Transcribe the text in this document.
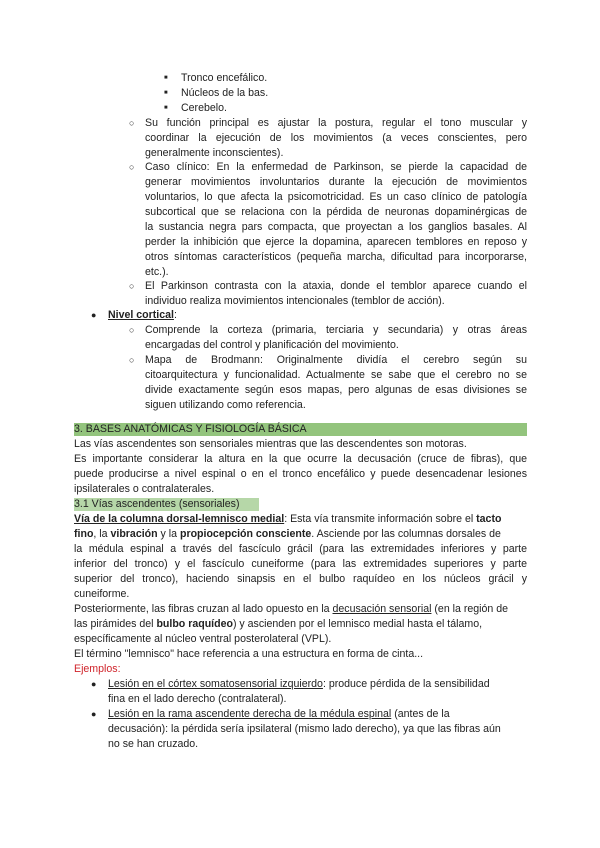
■ Tronco encefálico.
■ Núcleos de la bas.
■ Cerebelo.
○ Su función principal es ajustar la postura, regular el tono muscular y
coordinar la ejecución de los movimientos (a veces conscientes, pero
generalmente inconscientes).
○ Caso clínico: En la enfermedad de Parkinson, se pierde la capacidad de
generar movimientos involuntarios durante la ejecución de movimientos
voluntarios, lo que afecta la psicomotricidad. Es un caso clínico de patología
subcortical que se relaciona con la pérdida de neuronas dopaminérgicas de
la sustancia negra pars compacta, que proyectan a los ganglios basales. Al
perder la inhibición que ejerce la dopamina, aparecen temblores en reposo y
otros síntomas característicos (pequeña marcha, dificultad para incorporarse,
etc.).
○ El Parkinson contrasta con la ataxia, donde el temblor aparece cuando el
individuo realiza movimientos intencionales (temblor de acción).
● Nivel cortical:
○ Comprende la corteza (primaria, terciaria y secundaria) y otras áreas
encargadas del control y planificación del movimiento.
○ Mapa de Brodmann: Originalmente dividía el cerebro según su
citoarquitectura y funcionalidad. Actualmente se sabe que el cerebro no se
divide exactamente según esos mapas, pero algunas de esas divisiones se
siguen utilizando como referencia.
3. BASES ANATÓMICAS Y FISIOLOGÍA BÁSICA
Las vías ascendentes son sensoriales mientras que las descendentes son motoras.
Es importante considerar la altura en la que ocurre la decusación (cruce de fibras), que
puede producirse a nivel espinal o en el tronco encefálico y puede desencadenar lesiones
ipsilaterales o contralaterales.
3.1 Vías ascendentes (sensoriales)
Vía de la columna dorsal-lemnisco medial: Esta vía transmite información sobre el tacto
fino, la vibración y la propiocepción consciente. Asciende por las columnas dorsales de
la médula espinal a través del fascículo grácil (para las extremidades inferiores y parte
inferior del tronco) y el fascículo cuneiforme (para las extremidades superiores y parte
superior del tronco), haciendo sinapsis en el bulbo raquídeo en los núcleos grácil y
cuneiforme.
Posteriormente, las fibras cruzan al lado opuesto en la decusación sensorial (en la región de
las pirámides del bulbo raquídeo) y ascienden por el lemnisco medial hasta el tálamo,
específicamente al núcleo ventral posterolateral (VPL).
El término "lemnisco" hace referencia a una estructura en forma de cinta...
Ejemplos:
● Lesión en el córtex somatosensorial izquierdo: produce pérdida de la sensibilidad
fina en el lado derecho (contralateral).
● Lesión en la rama ascendente derecha de la médula espinal (antes de la
decusación): la pérdida sería ipsilateral (mismo lado derecho), ya que las fibras aún
no se han cruzado.
